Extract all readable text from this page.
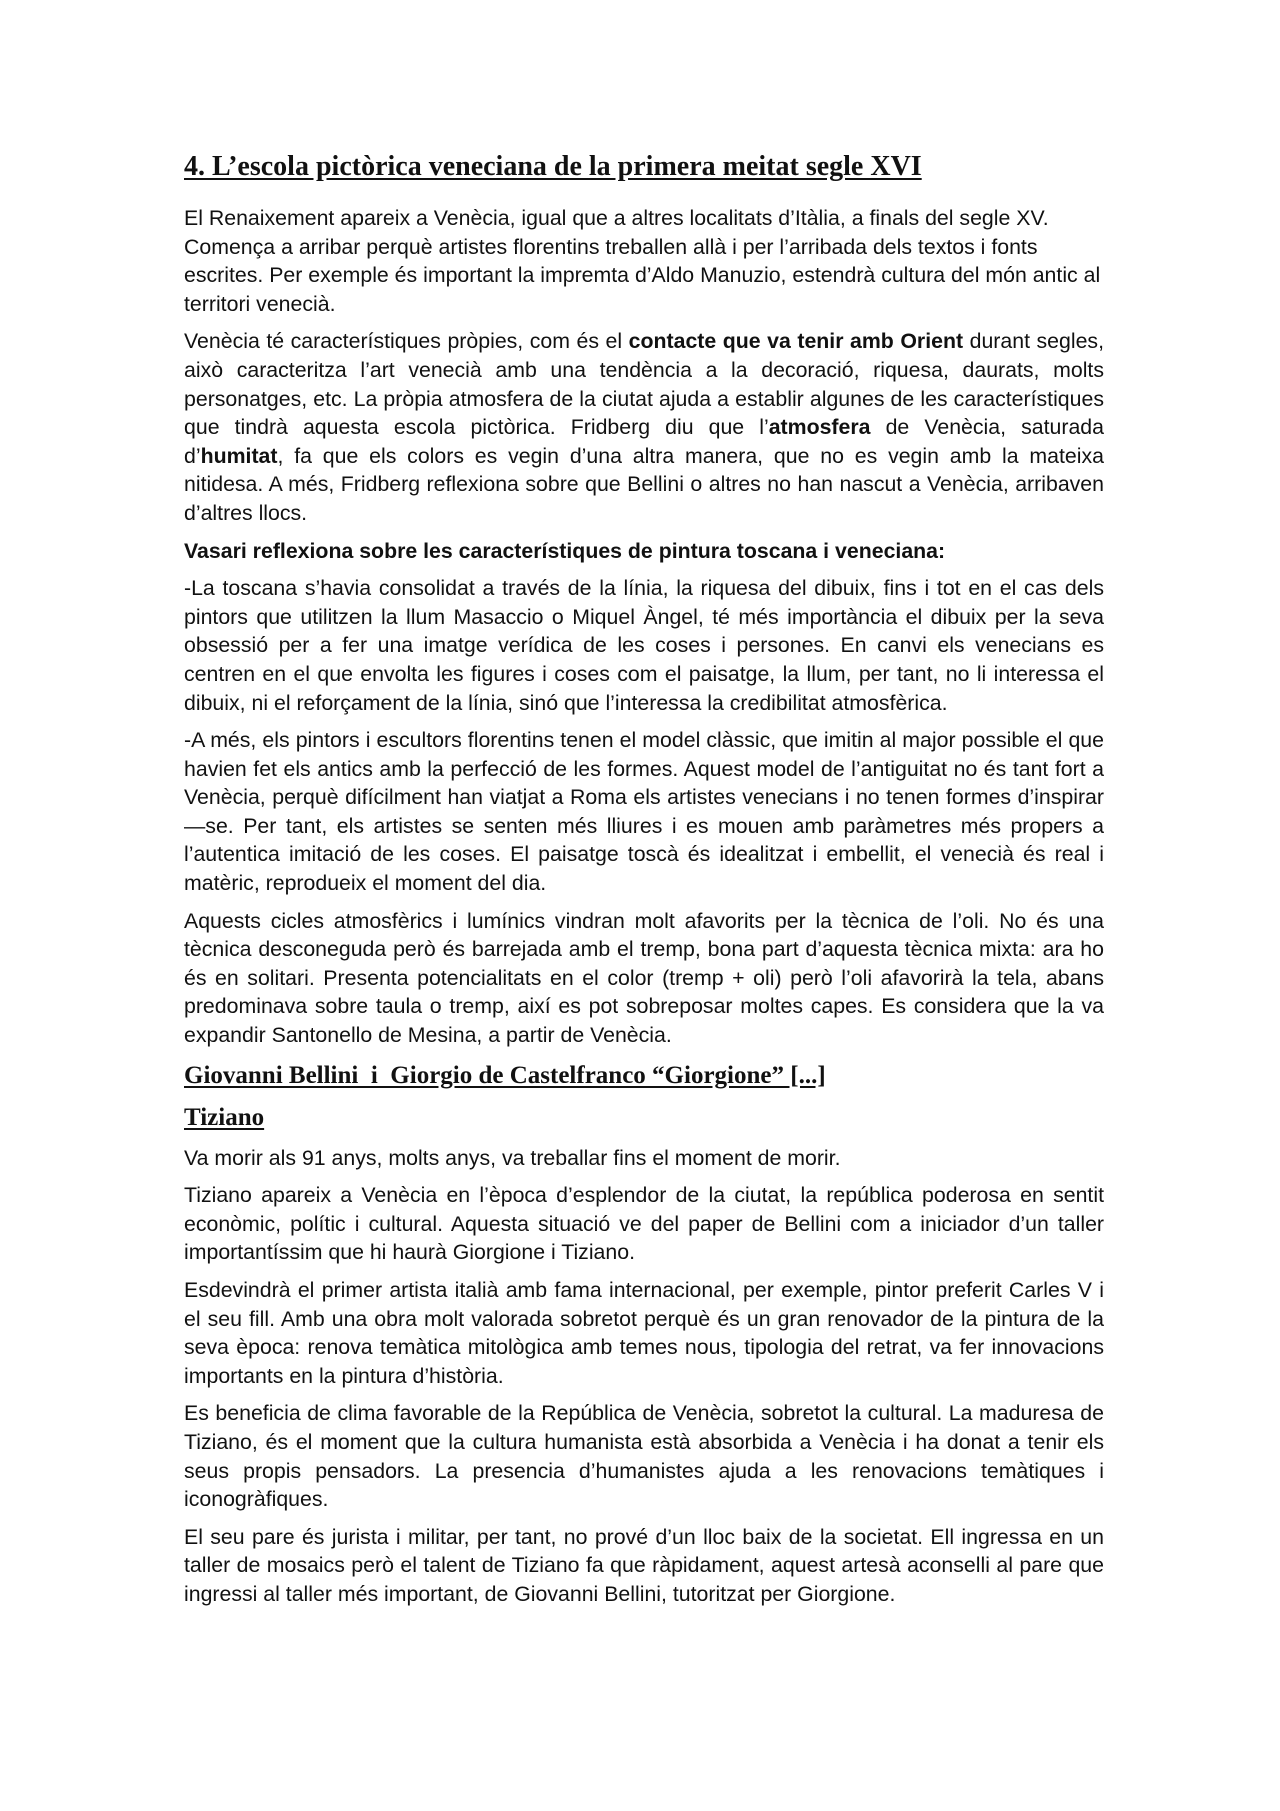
4. L’escola pictòrica veneciana de la primera meitat segle XVI

El Renaixement apareix a Venècia, igual que a altres localitats d’Itàlia, a finals del segle XV. Comença a arribar perquè artistes florentins treballen allà i per l’arribada dels textos i fonts escrites. Per exemple és important la impremta d’Aldo Manuzio, estendrà cultura del món antic al territori venecià.

Venècia té característiques pròpies, com és el contacte que va tenir amb Orient durant segles, això caracteritza l’art venecià amb una tendència a la decoració, riquesa, daurats, molts personatges, etc. La pròpia atmosfera de la ciutat ajuda a establir algunes de les característiques que tindrà aquesta escola pictòrica. Fridberg diu que l’atmosfera de Venècia, saturada d’humitat, fa que els colors es vegin d’una altra manera, que no es vegin amb la mateixa nitidesa. A més, Fridberg reflexiona sobre que Bellini o altres no han nascut a Venècia, arribaven d’altres llocs.

Vasari reflexiona sobre les característiques de pintura toscana i veneciana:

-La toscana s’havia consolidat a través de la línia, la riquesa del dibuix, fins i tot en el cas dels pintors que utilitzen la llum Masaccio o Miquel Àngel, té més importància el dibuix per la seva obsessió per a fer una imatge verídica de les coses i persones. En canvi els venecians es centren en el que envolta les figures i coses com el paisatge, la llum, per tant, no li interessa el dibuix, ni el reforçament de la línia, sinó que l’interessa la credibilitat atmosfèrica.

-A més, els pintors i escultors florentins tenen el model clàssic, que imitin al major possible el que havien fet els antics amb la perfecció de les formes. Aquest model de l’antiguitat no és tant fort a Venècia, perquè difícilment han viatjat a Roma els artistes venecians i no tenen formes d’inspirar—se. Per tant, els artistes se senten més lliures i es mouen amb paràmetres més propers a l’autentica imitació de les coses. El paisatge toscà és idealitzat i embellit, el venecià és real i matèric, reprodueix el moment del dia.

Aquests cicles atmosfèrics i lumínics vindran molt afavorits per la tècnica de l’oli. No és una tècnica desconeguda però és barrejada amb el tremp, bona part d’aquesta tècnica mixta: ara ho és en solitari. Presenta potencialitats en el color (tremp + oli) però l’oli afavorirà la tela, abans predominava sobre taula o tremp, així es pot sobreposar moltes capes. Es considera que la va expandir Santonello de Mesina, a partir de Venècia.

Giovanni Bellini  i  Giorgio de Castelfranco “Giorgione” [...]
Tiziano

Va morir als 91 anys, molts anys, va treballar fins el moment de morir.

Tiziano apareix a Venècia en l’època d’esplendor de la ciutat, la república poderosa en sentit econòmic, polític i cultural. Aquesta situació ve del paper de Bellini com a iniciador d’un taller importantíssim que hi haurà Giorgione i Tiziano.

Esdevindrà el primer artista italià amb fama internacional, per exemple, pintor preferit Carles V i el seu fill. Amb una obra molt valorada sobretot perquè és un gran renovador de la pintura de la seva època: renova temàtica mitològica amb temes nous, tipologia del retrat, va fer innovacions importants en la pintura d’història.

Es beneficia de clima favorable de la República de Venècia, sobretot la cultural. La maduresa de Tiziano, és el moment que la cultura humanista està absorbida a Venècia i ha donat a tenir els seus propis pensadors. La presencia d’humanistes ajuda a les renovacions temàtiques i iconogràfiques.

El seu pare és jurista i militar, per tant, no prové d’un lloc baix de la societat. Ell ingressa en un taller de mosaics però el talent de Tiziano fa que ràpidament, aquest artesà aconselli al pare que ingressi al taller més important, de Giovanni Bellini, tutoritzat per Giorgione.
